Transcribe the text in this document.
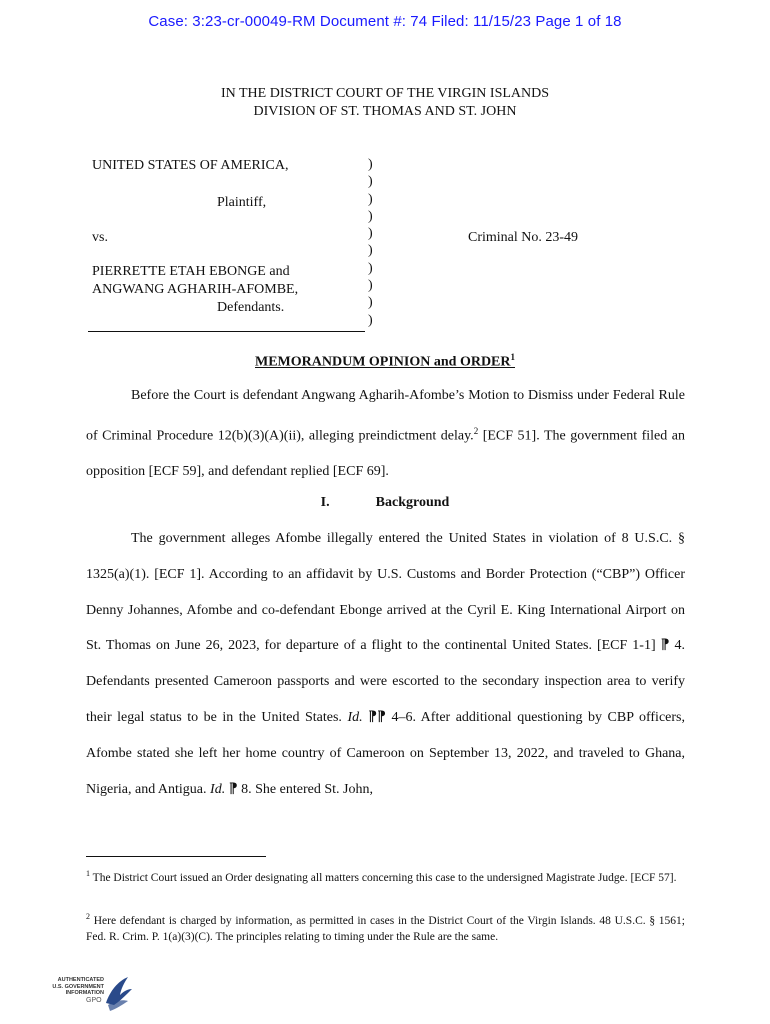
Case: 3:23-cr-00049-RM Document #: 74 Filed: 11/15/23 Page 1 of 18
IN THE DISTRICT COURT OF THE VIRGIN ISLANDS
DIVISION OF ST. THOMAS AND ST. JOHN
UNITED STATES OF AMERICA,
Plaintiff,
vs.
PIERRETTE ETAH EBONGE and
ANGWANG AGHARIH-AFOMBE,
Defendants.
Criminal No. 23-49
)
)
)
)
)
)
)
)
)
)
MEMORANDUM OPINION and ORDER$^1$

Before the Court is defendant Angwang Agharih-Afombe’s Motion to Dismiss under Federal Rule of Criminal Procedure 12(b)(3)(A)(ii), alleging preindictment delay.$^2$ [ECF 51]. The government filed an opposition [ECF 59], and defendant replied [ECF 69].

I.	Background

The government alleges Afombe illegally entered the United States in violation of 8 U.S.C. § 1325(a)(1). [ECF 1]. According to an affidavit by U.S. Customs and Border Protection (“CBP”) Officer Denny Johannes, Afombe and co-defendant Ebonge arrived at the Cyril E. King International Airport on St. Thomas on June 26, 2023, for departure of a flight to the continental United States. [ECF 1-1] ⁋ 4. Defendants presented Cameroon passports and were escorted to the secondary inspection area to verify their legal status to be in the United States. Id. ⁋⁋ 4–6. After additional questioning by CBP officers, Afombe stated she left her home country of Cameroon on September 13, 2022, and traveled to Ghana, Nigeria, and Antigua. Id. ⁋ 8. She entered St. John,

$^1$ The District Court issued an Order designating all matters concerning this case to the undersigned Magistrate Judge. [ECF 57].

$^2$ Here defendant is charged by information, as permitted in cases in the District Court of the Virgin Islands. 48 U.S.C. § 1561; Fed. R. Crim. P. 1(a)(3)(C). The principles relating to timing under the Rule are the same.

AUTHENTICATED
U.S. GOVERNMENT
INFORMATION
GPO
